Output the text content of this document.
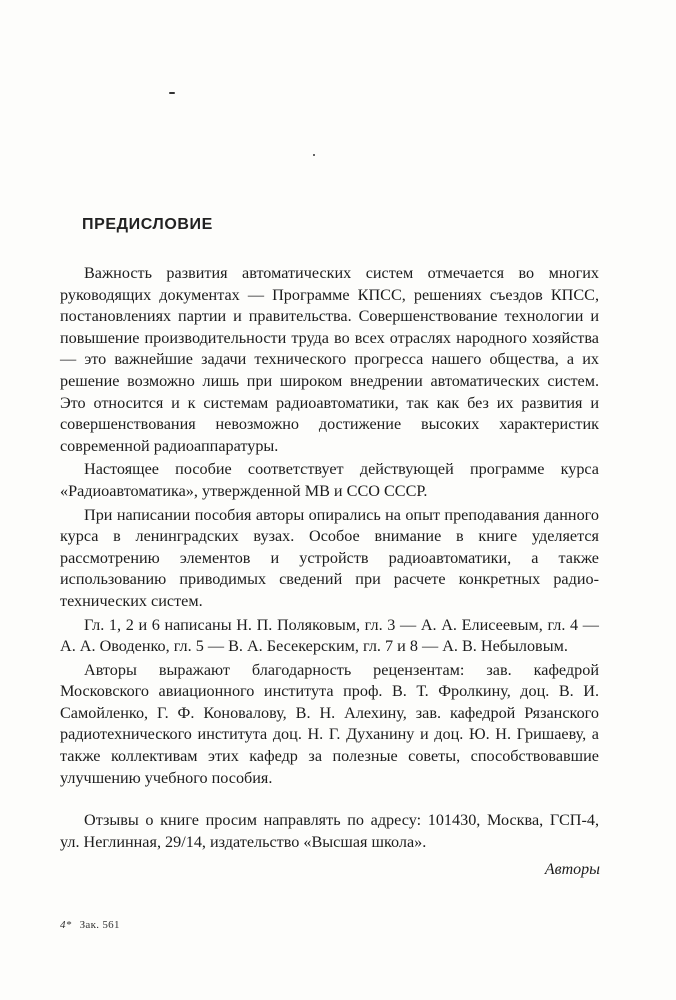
ПРЕДИСЛОВИЕ

Важность развития автоматических систем отмечается во многих руководящих документах — Программе КПСС, решениях съездов КПСС, постановлениях партии и правительства. Совершенствование технологии и повышение производительности труда во всех отраслях народного хозяйства — это важнейшие задачи технического прогресса нашего общества, а их решение возможно лишь при широком внедрении автоматических систем. Это относится и к системам радиоавтоматики, так как без их развития и совершенствования невозможно достижение высоких характеристик современной радиоаппаратуры.

Настоящее пособие соответствует действующей программе курса «Радиоавтоматика», утвержденной МВ и ССО СССР.

При написании пособия авторы опирались на опыт преподавания данного курса в ленинградских вузах. Особое внимание в книге уделяется рассмотрению элементов и устройств радиоавтоматики, а также использованию приводимых сведений при расчете конкретных радиотехнических систем.

Гл. 1, 2 и 6 написаны Н. П. Поляковым, гл. 3 — А. А. Елисеевым, гл. 4 — А. А. Оводенко, гл. 5 — В. А. Бесекерским, гл. 7 и 8 — А. В. Небыловым.

Авторы выражают благодарность рецензентам: зав. кафедрой Московского авиационного института проф. В. Т. Фролкину, доц. В. И. Самойленко, Г. Ф. Коновалову, В. Н. Алехину, зав. кафедрой Рязанского радиотехнического института доц. Н. Г. Духанину и доц. Ю. Н. Гришаеву, а также коллективам этих кафедр за полезные советы, способствовавшие улучшению учебного пособия.

Отзывы о книге просим направлять по адресу: 101430, Москва, ГСП-4, ул. Неглинная, 29/14, издательство «Высшая школа».

Авторы
4* Зак. 561
